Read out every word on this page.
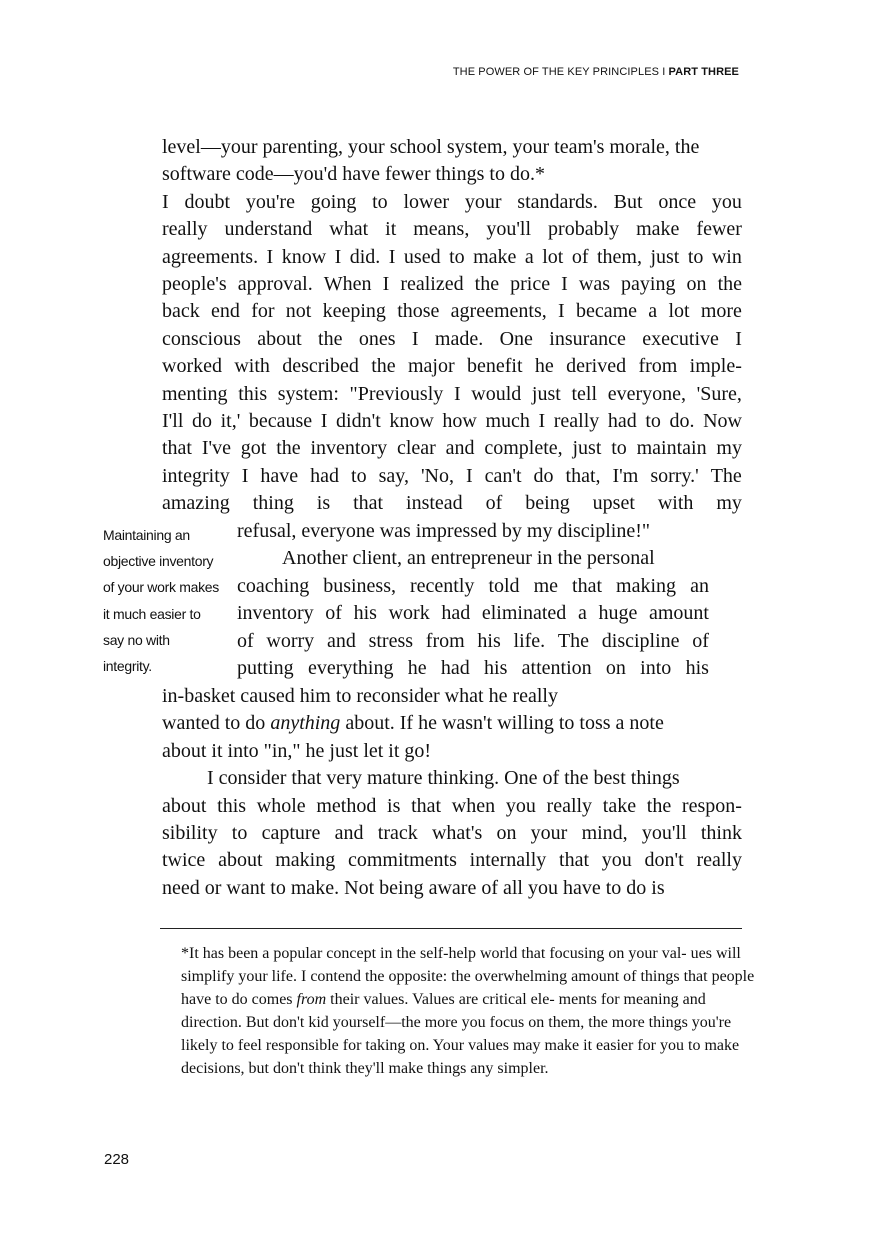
THE POWER OF THE KEY PRINCIPLES I PART THREE
level—your parenting, your school system, your team's morale, the
software code—you'd have fewer things to do.*
I doubt you're going to lower your standards. But once you
really understand what it means, you'll probably make fewer
agreements. I know I did. I used to make a lot of them, just to win
people's approval. When I realized the price I was paying on the
back end for not keeping those agreements, I became a lot more
conscious about the ones I made. One insurance executive I
worked with described the major benefit he derived from imple-
menting this system: "Previously I would just tell everyone, 'Sure,
I'll do it,' because I didn't know how much I really had to do. Now
that I've got the inventory clear and complete, just to maintain my
integrity I have had to say, 'No, I can't do that, I'm sorry.' The
amazing thing is that instead of being upset with my
refusal, everyone was impressed by my discipline!"
Another client, an entrepreneur in the personal
coaching business, recently told me that making an
inventory of his work had eliminated a huge amount
of worry and stress from his life. The discipline of
putting everything he had his attention on into his
in-basket caused him to reconsider what he really
wanted to do anything about. If he wasn't willing to toss a note
about it into "in," he just let it go!
I consider that very mature thinking. One of the best things
about this whole method is that when you really take the respon-
sibility to capture and track what's on your mind, you'll think
twice about making commitments internally that you don't really
need or want to make. Not being aware of all you have to do is
Maintaining an
objective inventory
of your work makes
it much easier to
say no with
integrity.
*It has been a popular concept in the self-help world that focusing on your val- ues will simplify your life. I contend the opposite: the overwhelming amount of things that people have to do comes from their values. Values are critical ele- ments for meaning and direction. But don't kid yourself—the more you focus on them, the more things you're likely to feel responsible for taking on. Your values may make it easier for you to make decisions, but don't think they'll make things any simpler.
228
